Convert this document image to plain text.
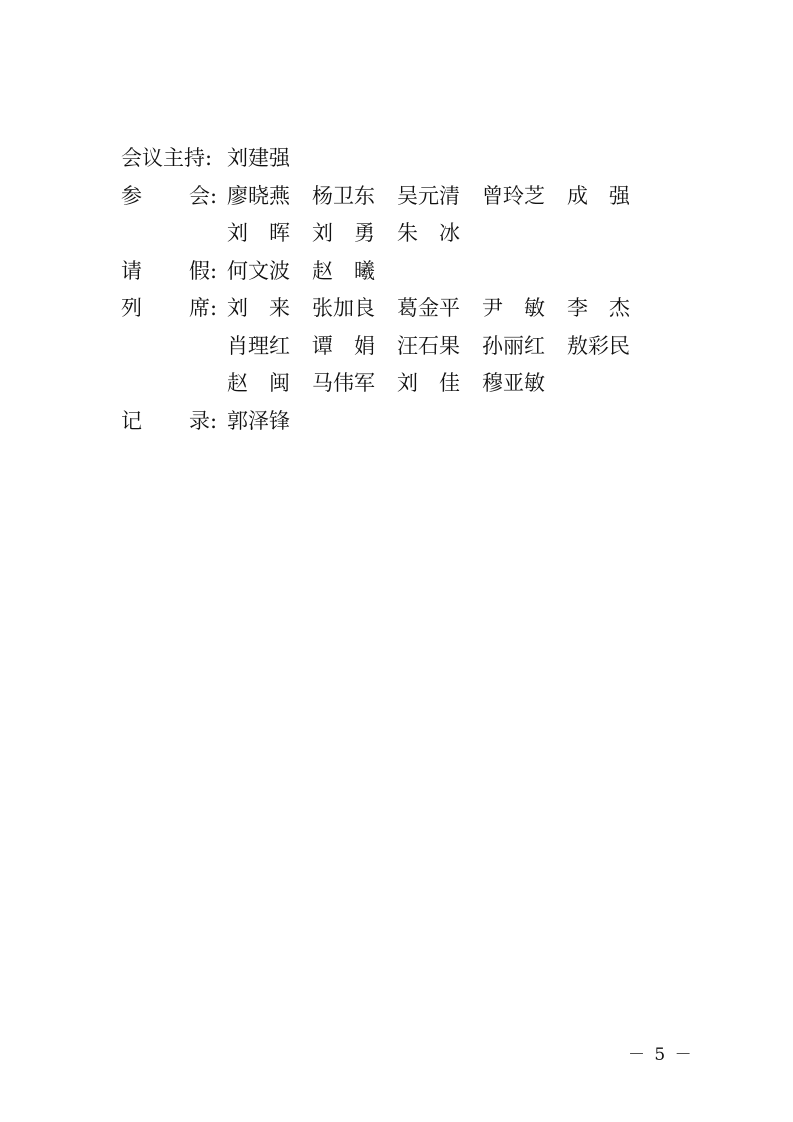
会议主持: 刘建强
参 会 : 廖 晓 燕 杨 卫 东 吴 元 清 曾 玲 芝 成 强
刘 晖 刘 勇 朱 冰
请 假 : 何 文 波 赵 曦
列 席 : 刘 来 张 加 良 葛 金 平 尹 敏 李 杰
肖 理 红 谭 娟 汪 石 果 孙 丽 红 敖 彩 民
赵 闽 马 伟 军 刘 佳 穆 亚 敏
记 录 : 郭泽锋
－ 5 －
